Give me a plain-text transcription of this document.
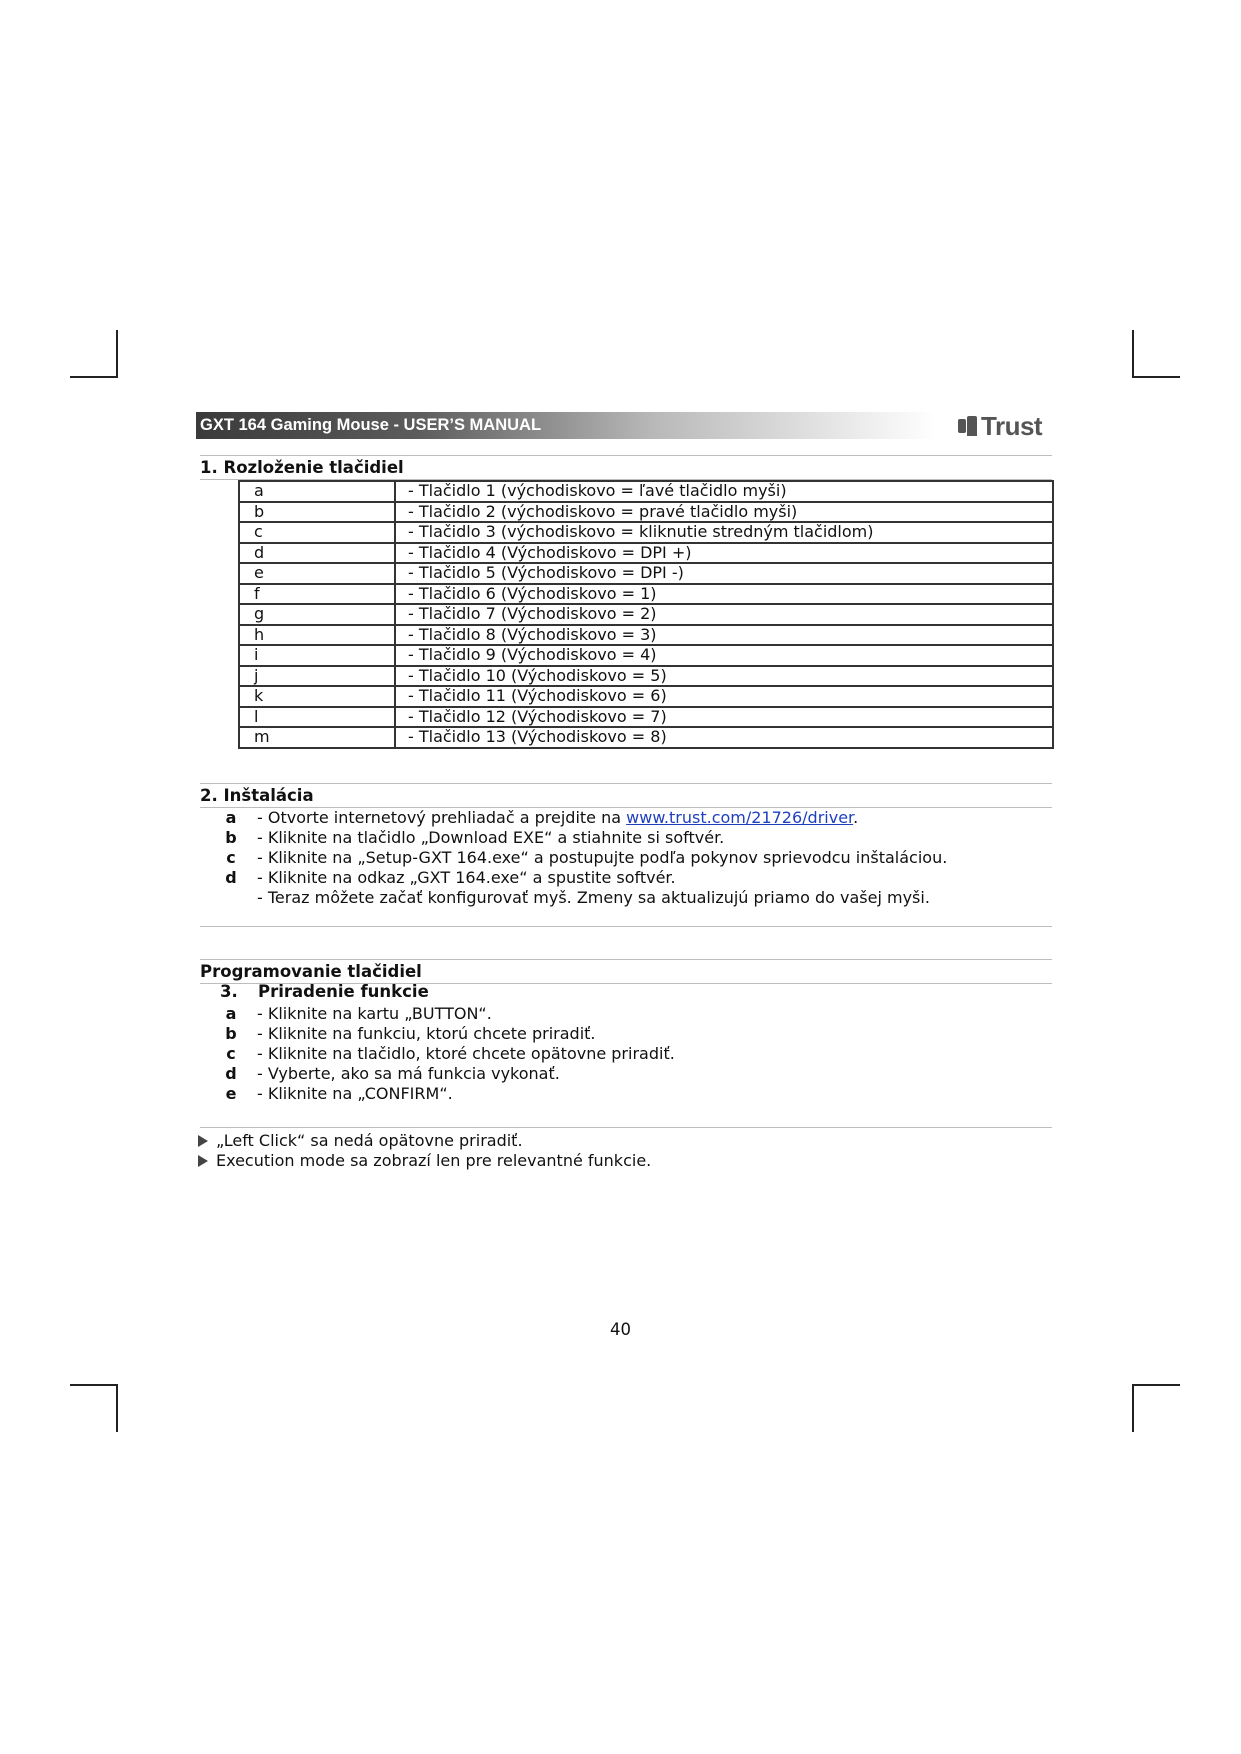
GXT 164 Gaming Mouse - USER’S MANUAL	Trust
1. Rozloženie tlačidiel
a	- Tlačidlo 1 (východiskovo = ľavé tlačidlo myši)
b	- Tlačidlo 2 (východiskovo = pravé tlačidlo myši)
c	- Tlačidlo 3 (východiskovo = kliknutie stredným tlačidlom)
d	- Tlačidlo 4 (Východiskovo = DPI +)
e	- Tlačidlo 5 (Východiskovo = DPI -)
f	- Tlačidlo 6 (Východiskovo = 1)
g	- Tlačidlo 7 (Východiskovo = 2)
h	- Tlačidlo 8 (Východiskovo = 3)
i	- Tlačidlo 9 (Východiskovo = 4)
j	- Tlačidlo 10 (Východiskovo = 5)
k	- Tlačidlo 11 (Východiskovo = 6)
l	- Tlačidlo 12 (Východiskovo = 7)
m	- Tlačidlo 13 (Východiskovo = 8)
2. Inštalácia
a - Otvorte internetový prehliadač a prejdite na www.trust.com/21726/driver.
b - Kliknite na tlačidlo „Download EXE“ a stiahnite si softvér.
c	- Kliknite na „Setup-GXT 164.exe“ a postupujte podľa pokynov sprievodcu inštaláciou.
d - Kliknite na odkaz „GXT 164.exe“ a spustite softvér.
- Teraz môžete začať konfigurovať myš. Zmeny sa aktualizujú priamo do vašej myši.
Programovanie tlačidiel
3. Priradenie funkcie
a - Kliknite na kartu „BUTTON“.
b - Kliknite na funkciu, ktorú chcete priradiť.
c	- Kliknite na tlačidlo, ktoré chcete opätovne priradiť.
d - Vyberte, ako sa má funkcia vykonať.
e - Kliknite na „CONFIRM“.
„Left Click“ sa nedá opätovne priradiť.
Execution mode sa zobrazí len pre relevantné funkcie.
40
